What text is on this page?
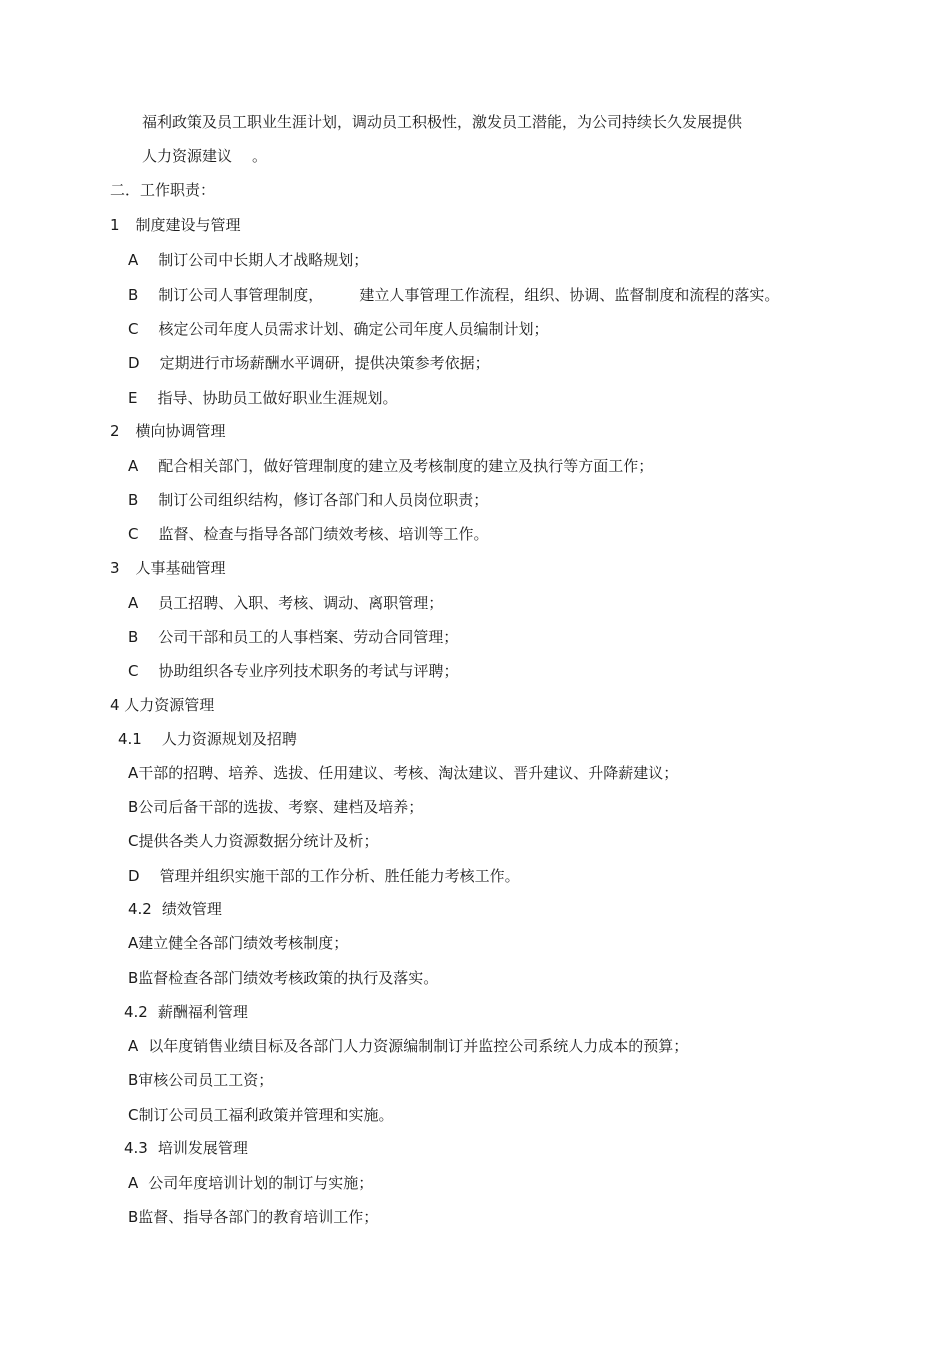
福利政策及员工职业生涯计划，调动员工积极性，激发员工潜能，为公司持续长久发展提供
人力资源建议 。
二．工作职责：
1 制度建设与管理
A 制订公司中长期人才战略规划；
B 制订公司人事管理制度， 建立人事管理工作流程，组织、协调、监督制度和流程的落实。
C 核定公司年度人员需求计划、确定公司年度人员编制计划；
D 定期进行市场薪酬水平调研，提供决策参考依据；
E 指导、协助员工做好职业生涯规划。
2 横向协调管理
A 配合相关部门，做好管理制度的建立及考核制度的建立及执行等方面工作；
B 制订公司组织结构，修订各部门和人员岗位职责；
C 监督、检查与指导各部门绩效考核、培训等工作。
3 人事基础管理
A 员工招聘、入职、考核、调动、离职管理；
B 公司干部和员工的人事档案、劳动合同管理；
C 协助组织各专业序列技术职务的考试与评聘；
4 人力资源管理
4.1 人力资源规划及招聘
A干部的招聘、培养、选拔、任用建议、考核、淘汰建议、晋升建议、升降薪建议；
B公司后备干部的选拔、考察、建档及培养；
C提供各类人力资源数据分统计及析；
D 管理并组织实施干部的工作分析、胜任能力考核工作。
4.2 绩效管理
A建立健全各部门绩效考核制度；
B监督检查各部门绩效考核政策的执行及落实。
4.2 薪酬福利管理
A 以年度销售业绩目标及各部门人力资源编制制订并监控公司系统人力成本的预算；
B审核公司员工工资；
C制订公司员工福利政策并管理和实施。
4.3 培训发展管理
A 公司年度培训计划的制订与实施；
B监督、指导各部门的教育培训工作；
